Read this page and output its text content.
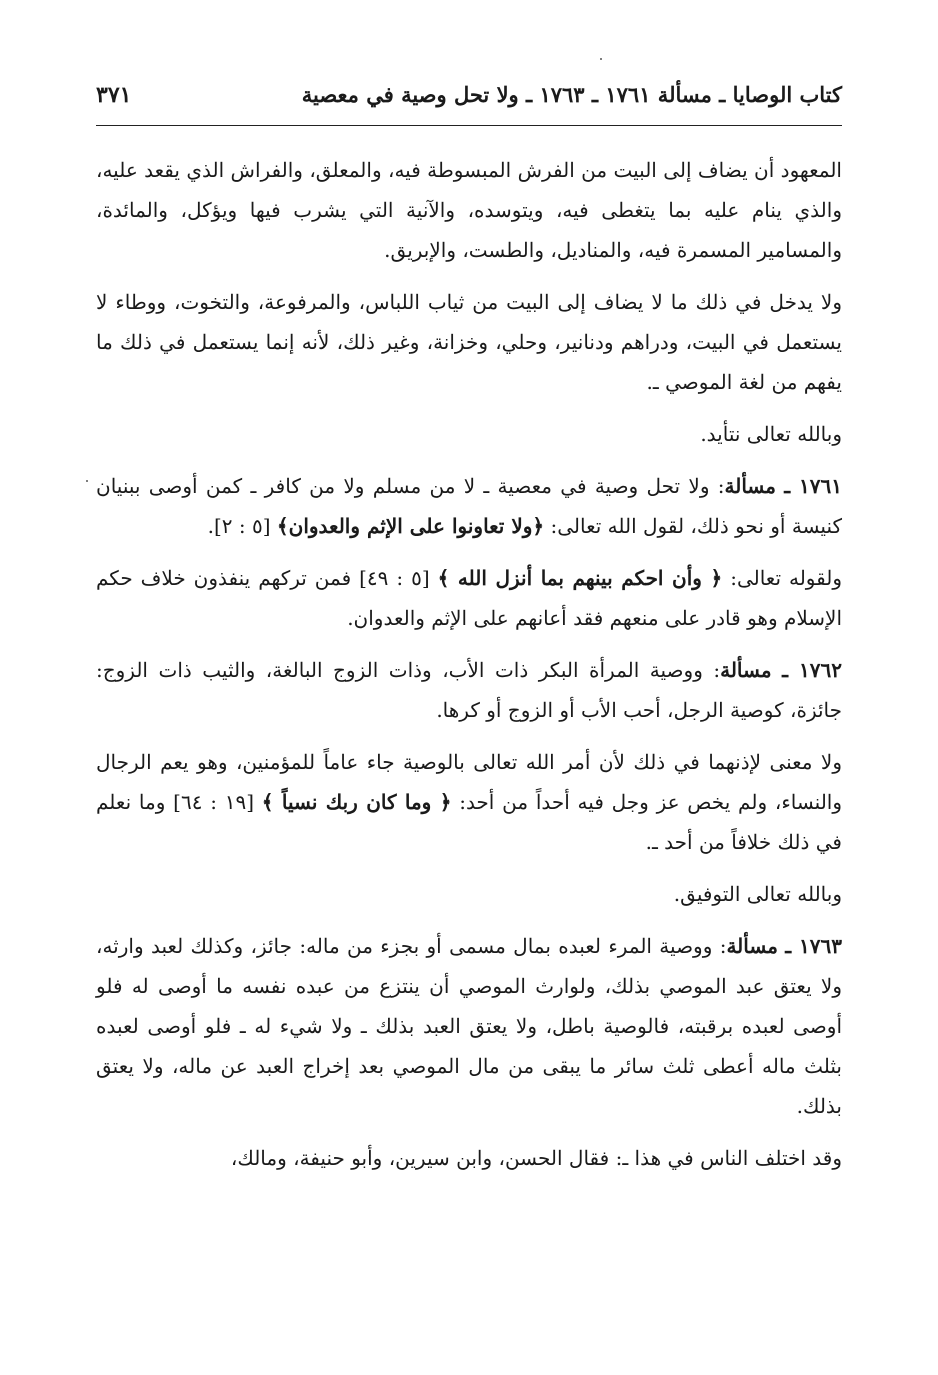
كتاب الوصايا ـ مسألة ١٧٦١ ـ ١٧٦٣ ـ ولا تحل وصية في معصية
٣٧١

المعهود أن يضاف إلى البيت من الفرش المبسوطة فيه، والمعلق، والفراش الذي يقعد عليه، والذي ينام عليه بما يتغطى فيه، ويتوسده، والآنية التي يشرب فيها ويؤكل، والمائدة، والمسامير المسمرة فيه، والمناديل، والطست، والإبريق.

ولا يدخل في ذلك ما لا يضاف إلى البيت من ثياب اللباس، والمرفوعة، والتخوت، ووطاء لا يستعمل في البيت، ودراهم ودنانير، وحلي، وخزانة، وغير ذلك، لأنه إنما يستعمل في ذلك ما يفهم من لغة الموصي ـ.

وبالله تعالى نتأيد.

١٧٦١ ـ مسألة: ولا تحل وصية في معصية ـ لا من مسلم ولا من كافر ـ كمن أوصى ببنيان كنيسة أو نحو ذلك، لقول الله تعالى: ﴿ولا تعاونوا على الإثم والعدوان﴾ [٥ : ٢].

ولقوله تعالى: ﴿ وأن احكم بينهم بما أنزل الله ﴾ [٥ : ٤٩] فمن تركهم ينفذون خلاف حكم الإسلام وهو قادر على منعهم فقد أعانهم على الإثم والعدوان.

١٧٦٢ ـ مسألة: ووصية المرأة البكر ذات الأب، وذات الزوج البالغة، والثيب ذات الزوج: جائزة، كوصية الرجل، أحب الأب أو الزوج أو كرها.

ولا معنى لإذنهما في ذلك لأن أمر الله تعالى بالوصية جاء عاماً للمؤمنين، وهو يعم الرجال والنساء، ولم يخص عز وجل فيه أحداً من أحد: ﴿ وما كان ربك نسياً ﴾ [١٩ : ٦٤] وما نعلم في ذلك خلافاً من أحد ـ.

وبالله تعالى التوفيق.

١٧٦٣ ـ مسألة: ووصية المرء لعبده بمال مسمى أو بجزء من ماله: جائز، وكذلك لعبد وارثه، ولا يعتق عبد الموصي بذلك، ولوارث الموصي أن ينتزع من عبده نفسه ما أوصى له فلو أوصى لعبده برقبته، فالوصية باطل، ولا يعتق العبد بذلك ـ ولا شيء له ـ فلو أوصى لعبده بثلث ماله أعطى ثلث سائر ما يبقى من مال الموصي بعد إخراج العبد عن ماله، ولا يعتق بذلك.

وقد اختلف الناس في هذا ـ: فقال الحسن، وابن سيرين، وأبو حنيفة، ومالك،
